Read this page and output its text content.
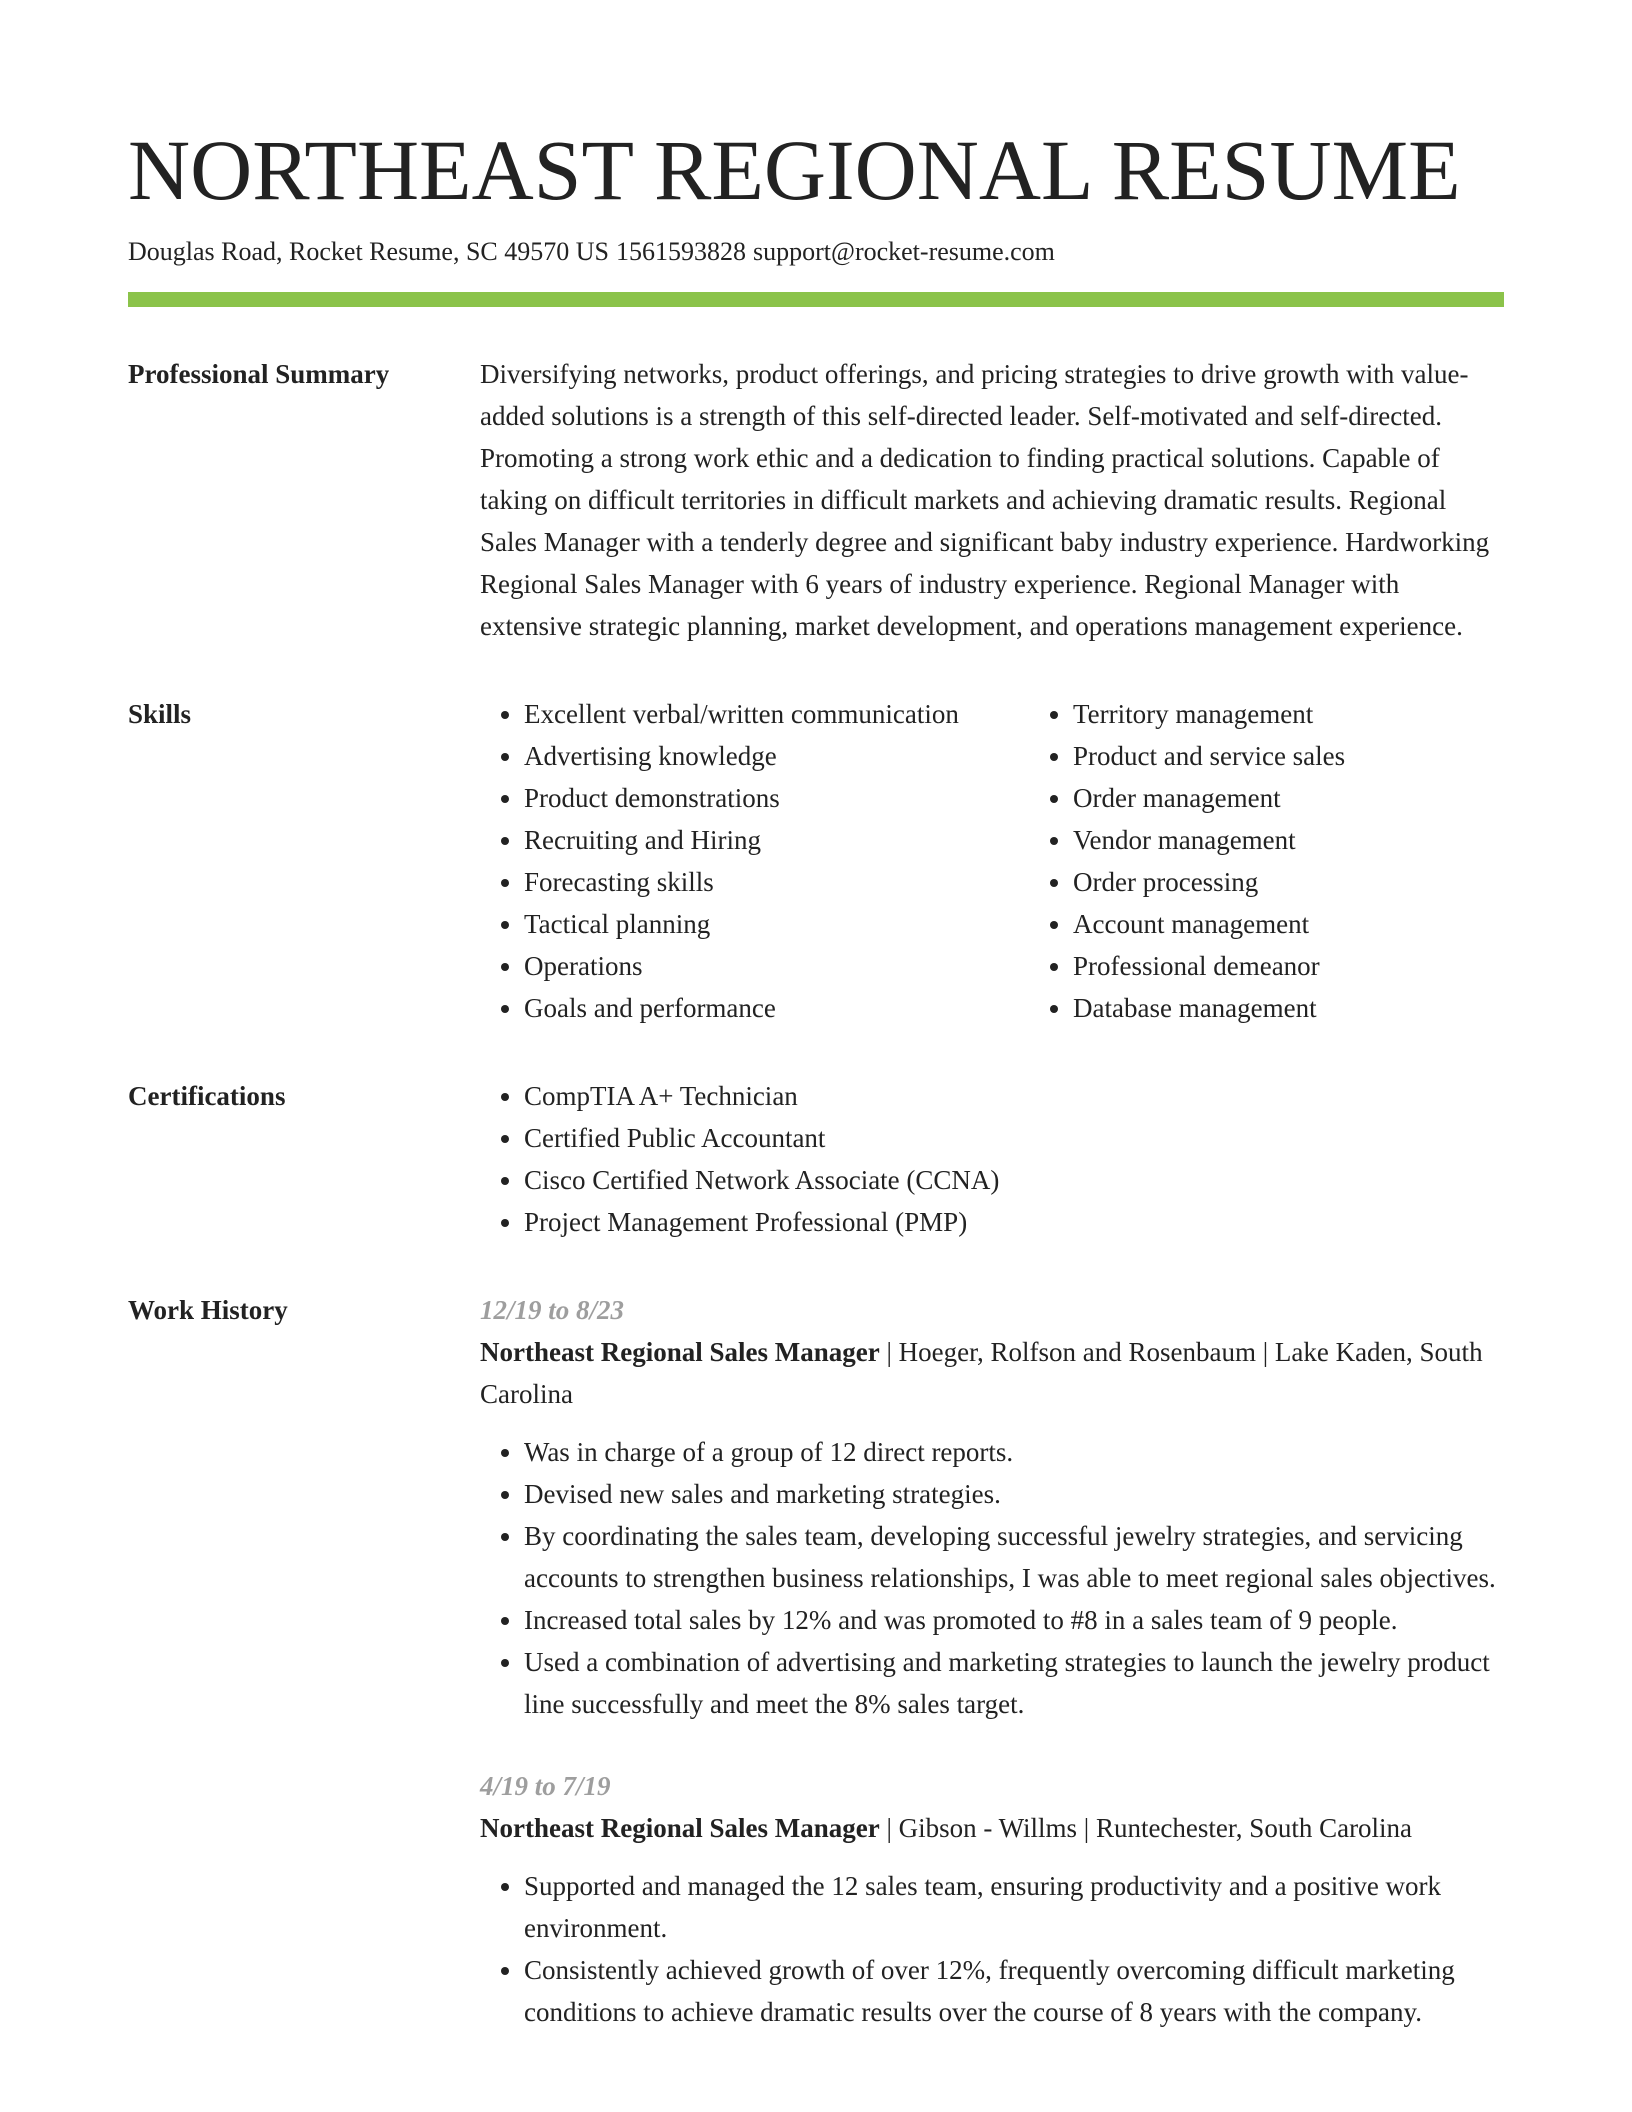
NORTHEAST REGIONAL RESUME
Douglas Road, Rocket Resume, SC 49570 US 1561593828 support@rocket-resume.com
Professional Summary	Diversifying networks, product offerings, and pricing strategies to drive growth with value-added solutions is a strength of this self-directed leader. Self-motivated and self-directed. Promoting a strong work ethic and a dedication to finding practical solutions. Capable of taking on difficult territories in difficult markets and achieving dramatic results. Regional Sales Manager with a tenderly degree and significant baby industry experience. Hardworking Regional Sales Manager with 6 years of industry experience. Regional Manager with extensive strategic planning, market development, and operations management experience.

Skills	• Excellent verbal/written communication
• Advertising knowledge
• Product demonstrations
• Recruiting and Hiring
• Forecasting skills
• Tactical planning
• Operations
• Goals and performance
• Territory management
• Product and service sales
• Order management
• Vendor management
• Order processing
• Account management
• Professional demeanor
• Database management
Certifications	• CompTIA A+ Technician
• Certified Public Accountant
• Cisco Certified Network Associate (CCNA)
• Project Management Professional (PMP)
Work History	12/19 to 8/23

Northeast Regional Sales Manager | Hoeger, Rolfson and Rosenbaum | Lake Kaden, South Carolina

• Was in charge of a group of 12 direct reports.
• Devised new sales and marketing strategies.
• By coordinating the sales team, developing successful jewelry strategies, and servicing accounts to strengthen business relationships, I was able to meet regional sales objectives.
• Increased total sales by 12% and was promoted to #8 in a sales team of 9 people.
• Used a combination of advertising and marketing strategies to launch the jewelry product line successfully and meet the 8% sales target.

4/19 to 7/19

Northeast Regional Sales Manager | Gibson - Willms | Runtechester, South Carolina

• Supported and managed the 12 sales team, ensuring productivity and a positive work environment.
• Consistently achieved growth of over 12%, frequently overcoming difficult marketing conditions to achieve dramatic results over the course of 8 years with the company.
